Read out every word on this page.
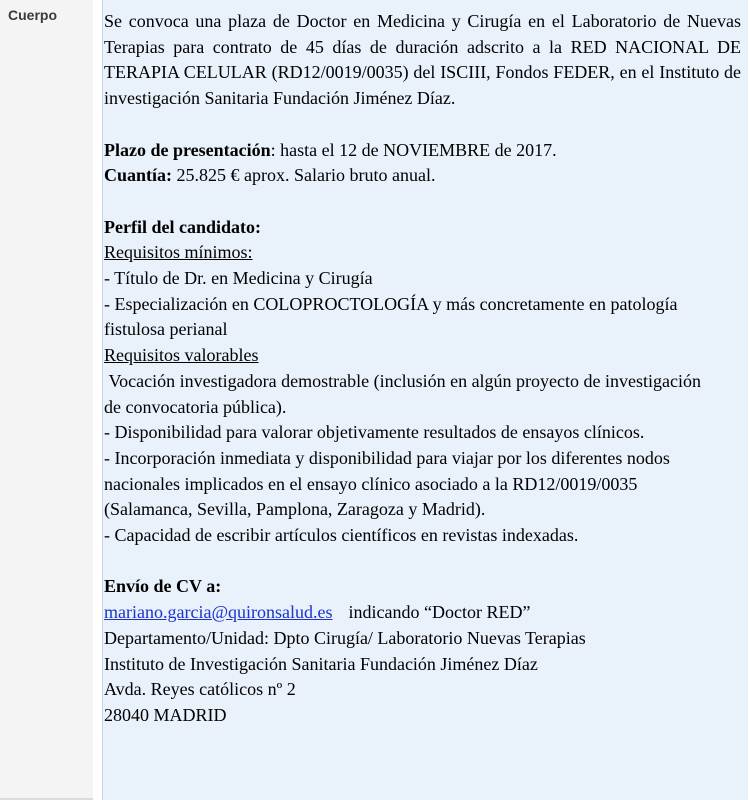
Cuerpo	Se convoca una plaza de Doctor en Medicina y Cirugía en el Laboratorio de Nuevas Terapias para contrato de 45 días de duración adscrito a la RED NACIONAL DE TERAPIA CELULAR (RD12/0019/0035) del ISCIII, Fondos FEDER, en el Instituto de investigación Sanitaria Fundación Jiménez Díaz.

Plazo de presentación: hasta el 12 de NOVIEMBRE de 2017.

Cuantía: 25.825 € aprox. Salario bruto anual.

Perfil del candidato:

Requisitos mínimos:

- Título de Dr. en Medicina y Cirugía

- Especialización en COLOPROCTOLOGÍA y más concretamente en patología fistulosa perianal

Requisitos valorables

Vocación investigadora demostrable (inclusión en algún proyecto de investigación de convocatoria pública).

- Disponibilidad para valorar objetivamente resultados de ensayos clínicos.

- Incorporación inmediata y disponibilidad para viajar por los diferentes nodos nacionales implicados en el ensayo clínico asociado a la RD12/0019/0035 (Salamanca, Sevilla, Pamplona, Zaragoza y Madrid).

- Capacidad de escribir artículos científicos en revistas indexadas.

Envío de CV a:

mariano.garcia@quironsalud.es indicando “Doctor RED”

Departamento/Unidad: Dpto Cirugía/ Laboratorio Nuevas Terapias

Instituto de Investigación Sanitaria Fundación Jiménez Díaz

Avda. Reyes católicos nº 2

28040 MADRID
